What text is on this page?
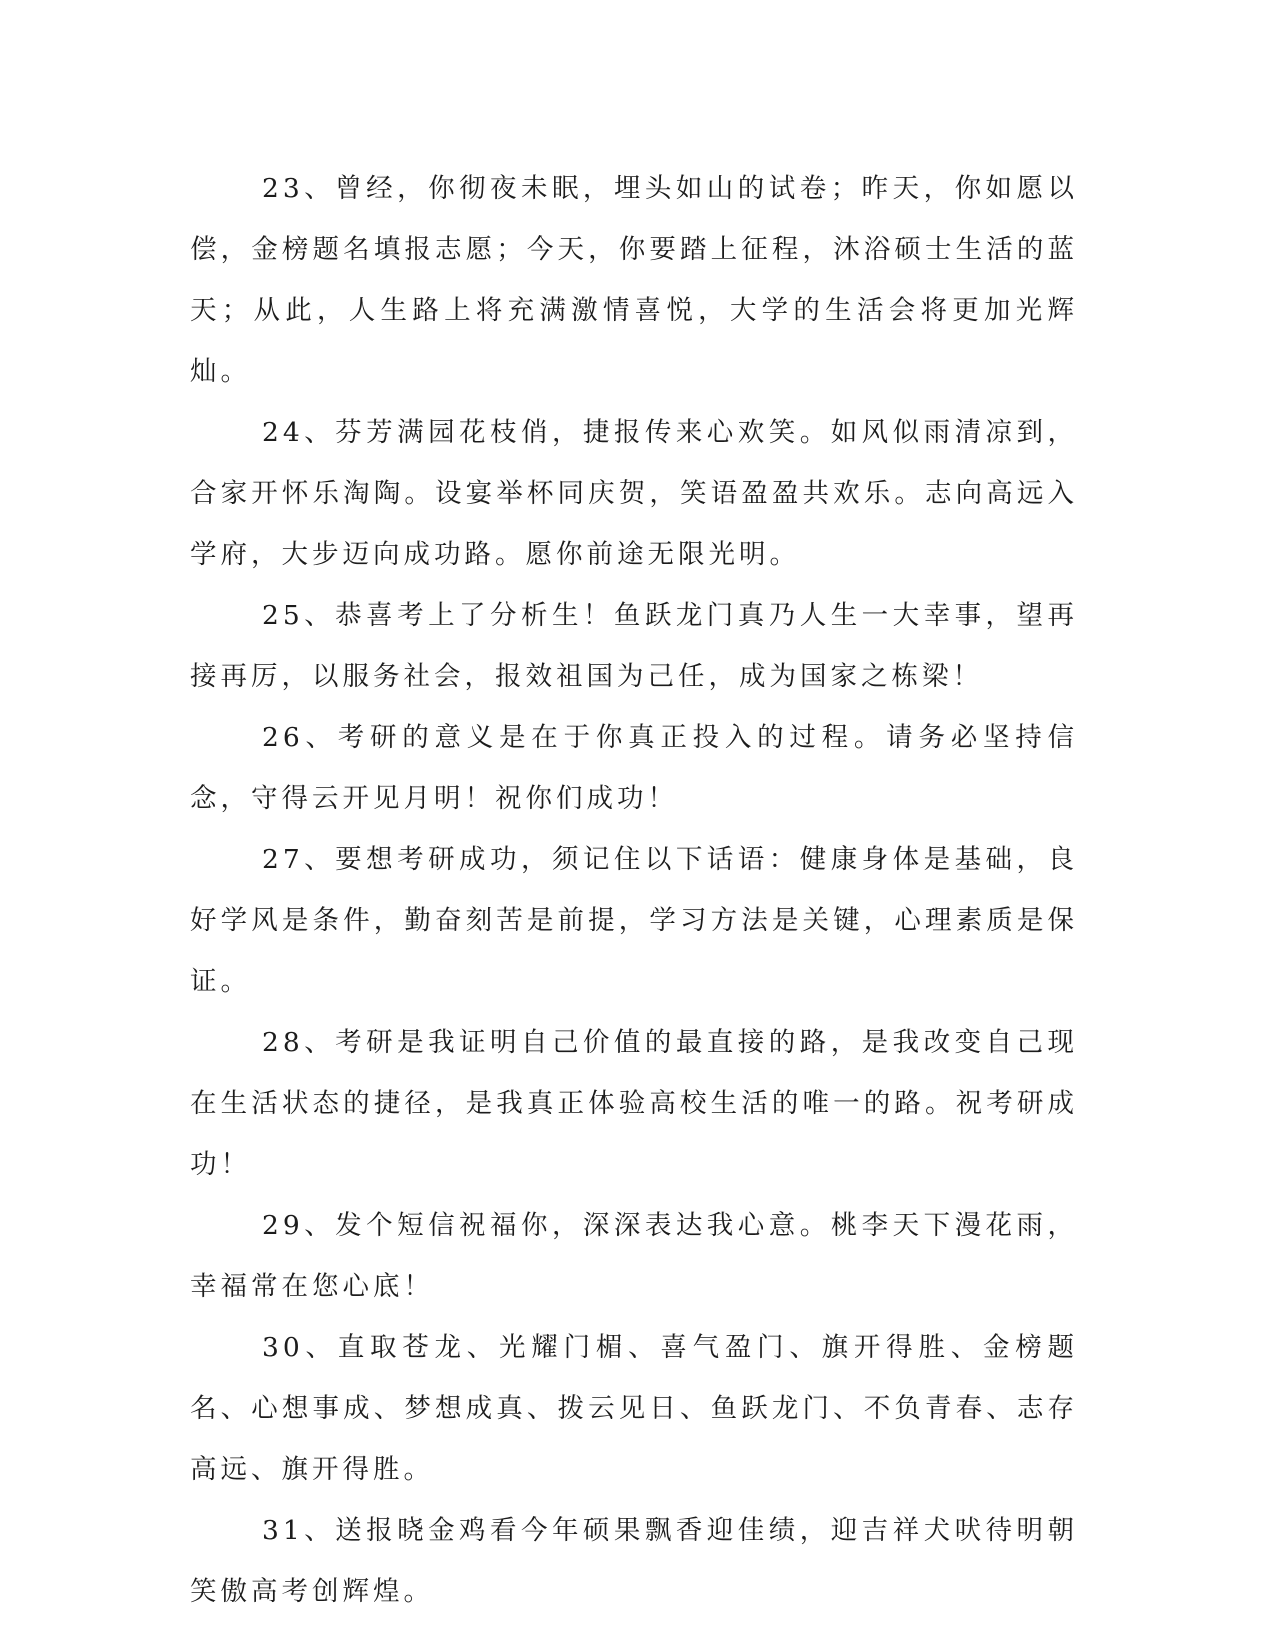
23、曾经，你彻夜未眠，埋头如山的试卷；昨天，你如愿以偿，金榜题名填报志愿；今天，你要踏上征程，沐浴硕士生活的蓝天；从此，人生路上将充满激情喜悦，大学的生活会将更加光辉灿。

24、芬芳满园花枝俏，捷报传来心欢笑。如风似雨清凉到，合家开怀乐淘陶。设宴举杯同庆贺，笑语盈盈共欢乐。志向高远入学府，大步迈向成功路。愿你前途无限光明。

25、恭喜考上了分析生！鱼跃龙门真乃人生一大幸事，望再接再厉，以服务社会，报效祖国为己任，成为国家之栋梁！

26、考研的意义是在于你真正投入的过程。请务必坚持信念，守得云开见月明！祝你们成功！

27、要想考研成功，须记住以下话语：健康身体是基础，良好学风是条件，勤奋刻苦是前提，学习方法是关键，心理素质是保证。

28、考研是我证明自己价值的最直接的路，是我改变自己现在生活状态的捷径，是我真正体验高校生活的唯一的路。祝考研成功！

29、发个短信祝福你，深深表达我心意。桃李天下漫花雨，幸福常在您心底！

30、直取苍龙、光耀门楣、喜气盈门、旗开得胜、金榜题名、心想事成、梦想成真、拨云见日、鱼跃龙门、不负青春、志存高远、旗开得胜。

31、送报晓金鸡看今年硕果飘香迎佳绩，迎吉祥犬吠待明朝笑傲高考创辉煌。
